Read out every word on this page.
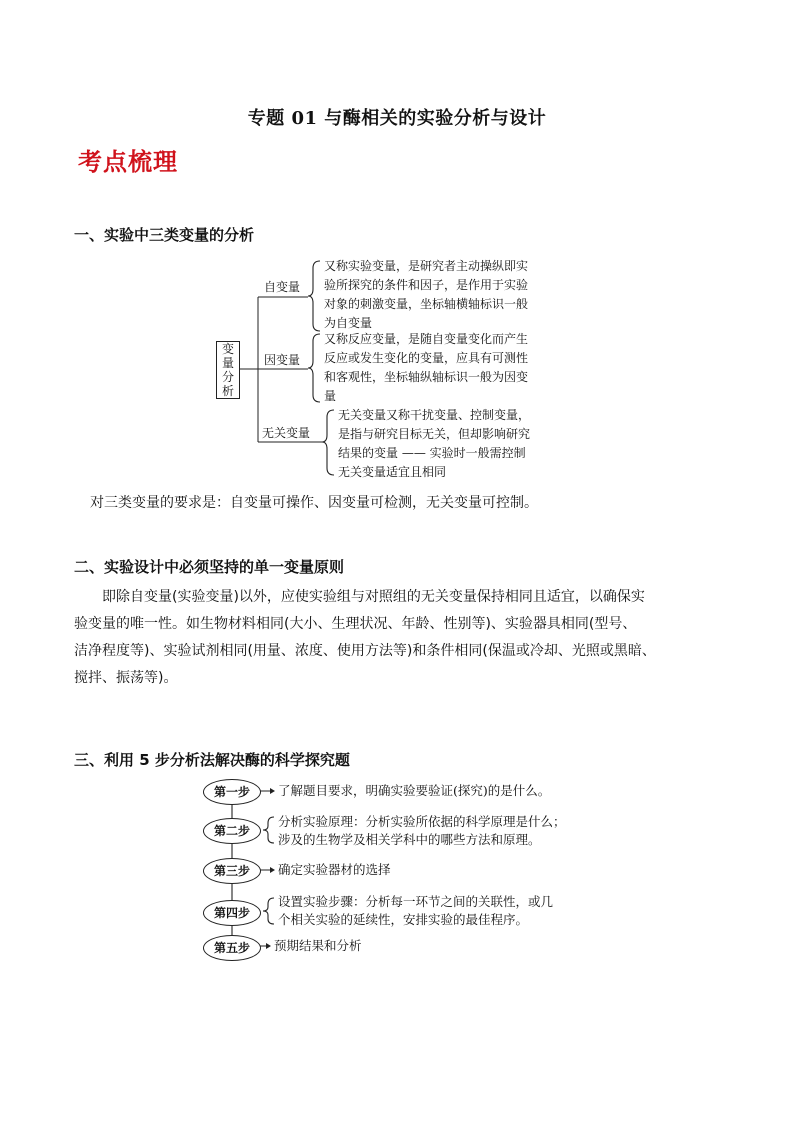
专题 01 与酶相关的实验分析与设计
考点梳理
一、实验中三类变量的分析
变
量
分
析
自变量
因变量
无关变量
又称实验变量，是研究者主动操纵即实
验所探究的条件和因子，是作用于实验
对象的刺激变量，坐标轴横轴标识一般
为自变量
又称反应变量，是随自变量变化而产生
反应或发生变化的变量，应具有可测性
和客观性，坐标轴纵轴标识一般为因变
量
无关变量又称干扰变量、控制变量，
是指与研究目标无关，但却影响研究
结果的变量 —— 实验时一般需控制
无关变量适宜且相同
对三类变量的要求是：自变量可操作、因变量可检测，无关变量可控制。
二、实验设计中必须坚持的单一变量原则
即除自变量(实验变量)以外，应使实验组与对照组的无关变量保持相同且适宜，以确保实
验变量的唯一性。如生物材料相同(大小、生理状况、年龄、性别等)、实验器具相同(型号、
洁净程度等)、实验试剂相同(用量、浓度、使用方法等)和条件相同(保温或冷却、光照或黑暗、
搅拌、振荡等)。
三、利用 5 步分析法解决酶的科学探究题
第一步
第二步
第三步
第四步
第五步
了解题目要求，明确实验要验证(探究)的是什么。
分析实验原理：分析实验所依据的科学原理是什么；
涉及的生物学及相关学科中的哪些方法和原理。
确定实验器材的选择
设置实验步骤：分析每一环节之间的关联性，或几
个相关实验的延续性，安排实验的最佳程序。
预期结果和分析
